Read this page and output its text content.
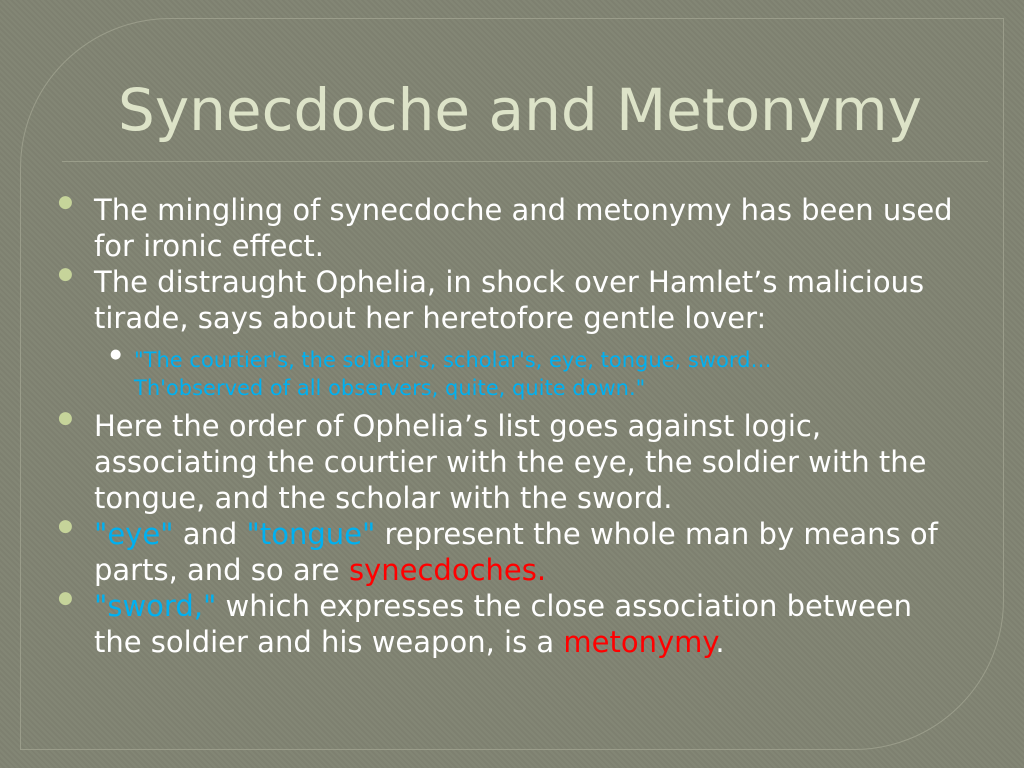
Synecdoche and Metonymy
● The mingling of synecdoche and metonymy has been used for ironic effect.
● The distraught Ophelia, in shock over Hamlet’s malicious tirade, says about her heretofore gentle lover:
● "The courtier's, the soldier's, scholar's, eye, tongue, sword…
Th'observed of all observers, quite, quite down."
● Here the order of Ophelia’s list goes against logic, associating the courtier with the eye, the soldier with the tongue, and the scholar with the sword.
● "eye" and "tongue" represent the whole man by means of parts, and so are synecdoches.
● "sword," which expresses the close association between the soldier and his weapon, is a metonymy.
